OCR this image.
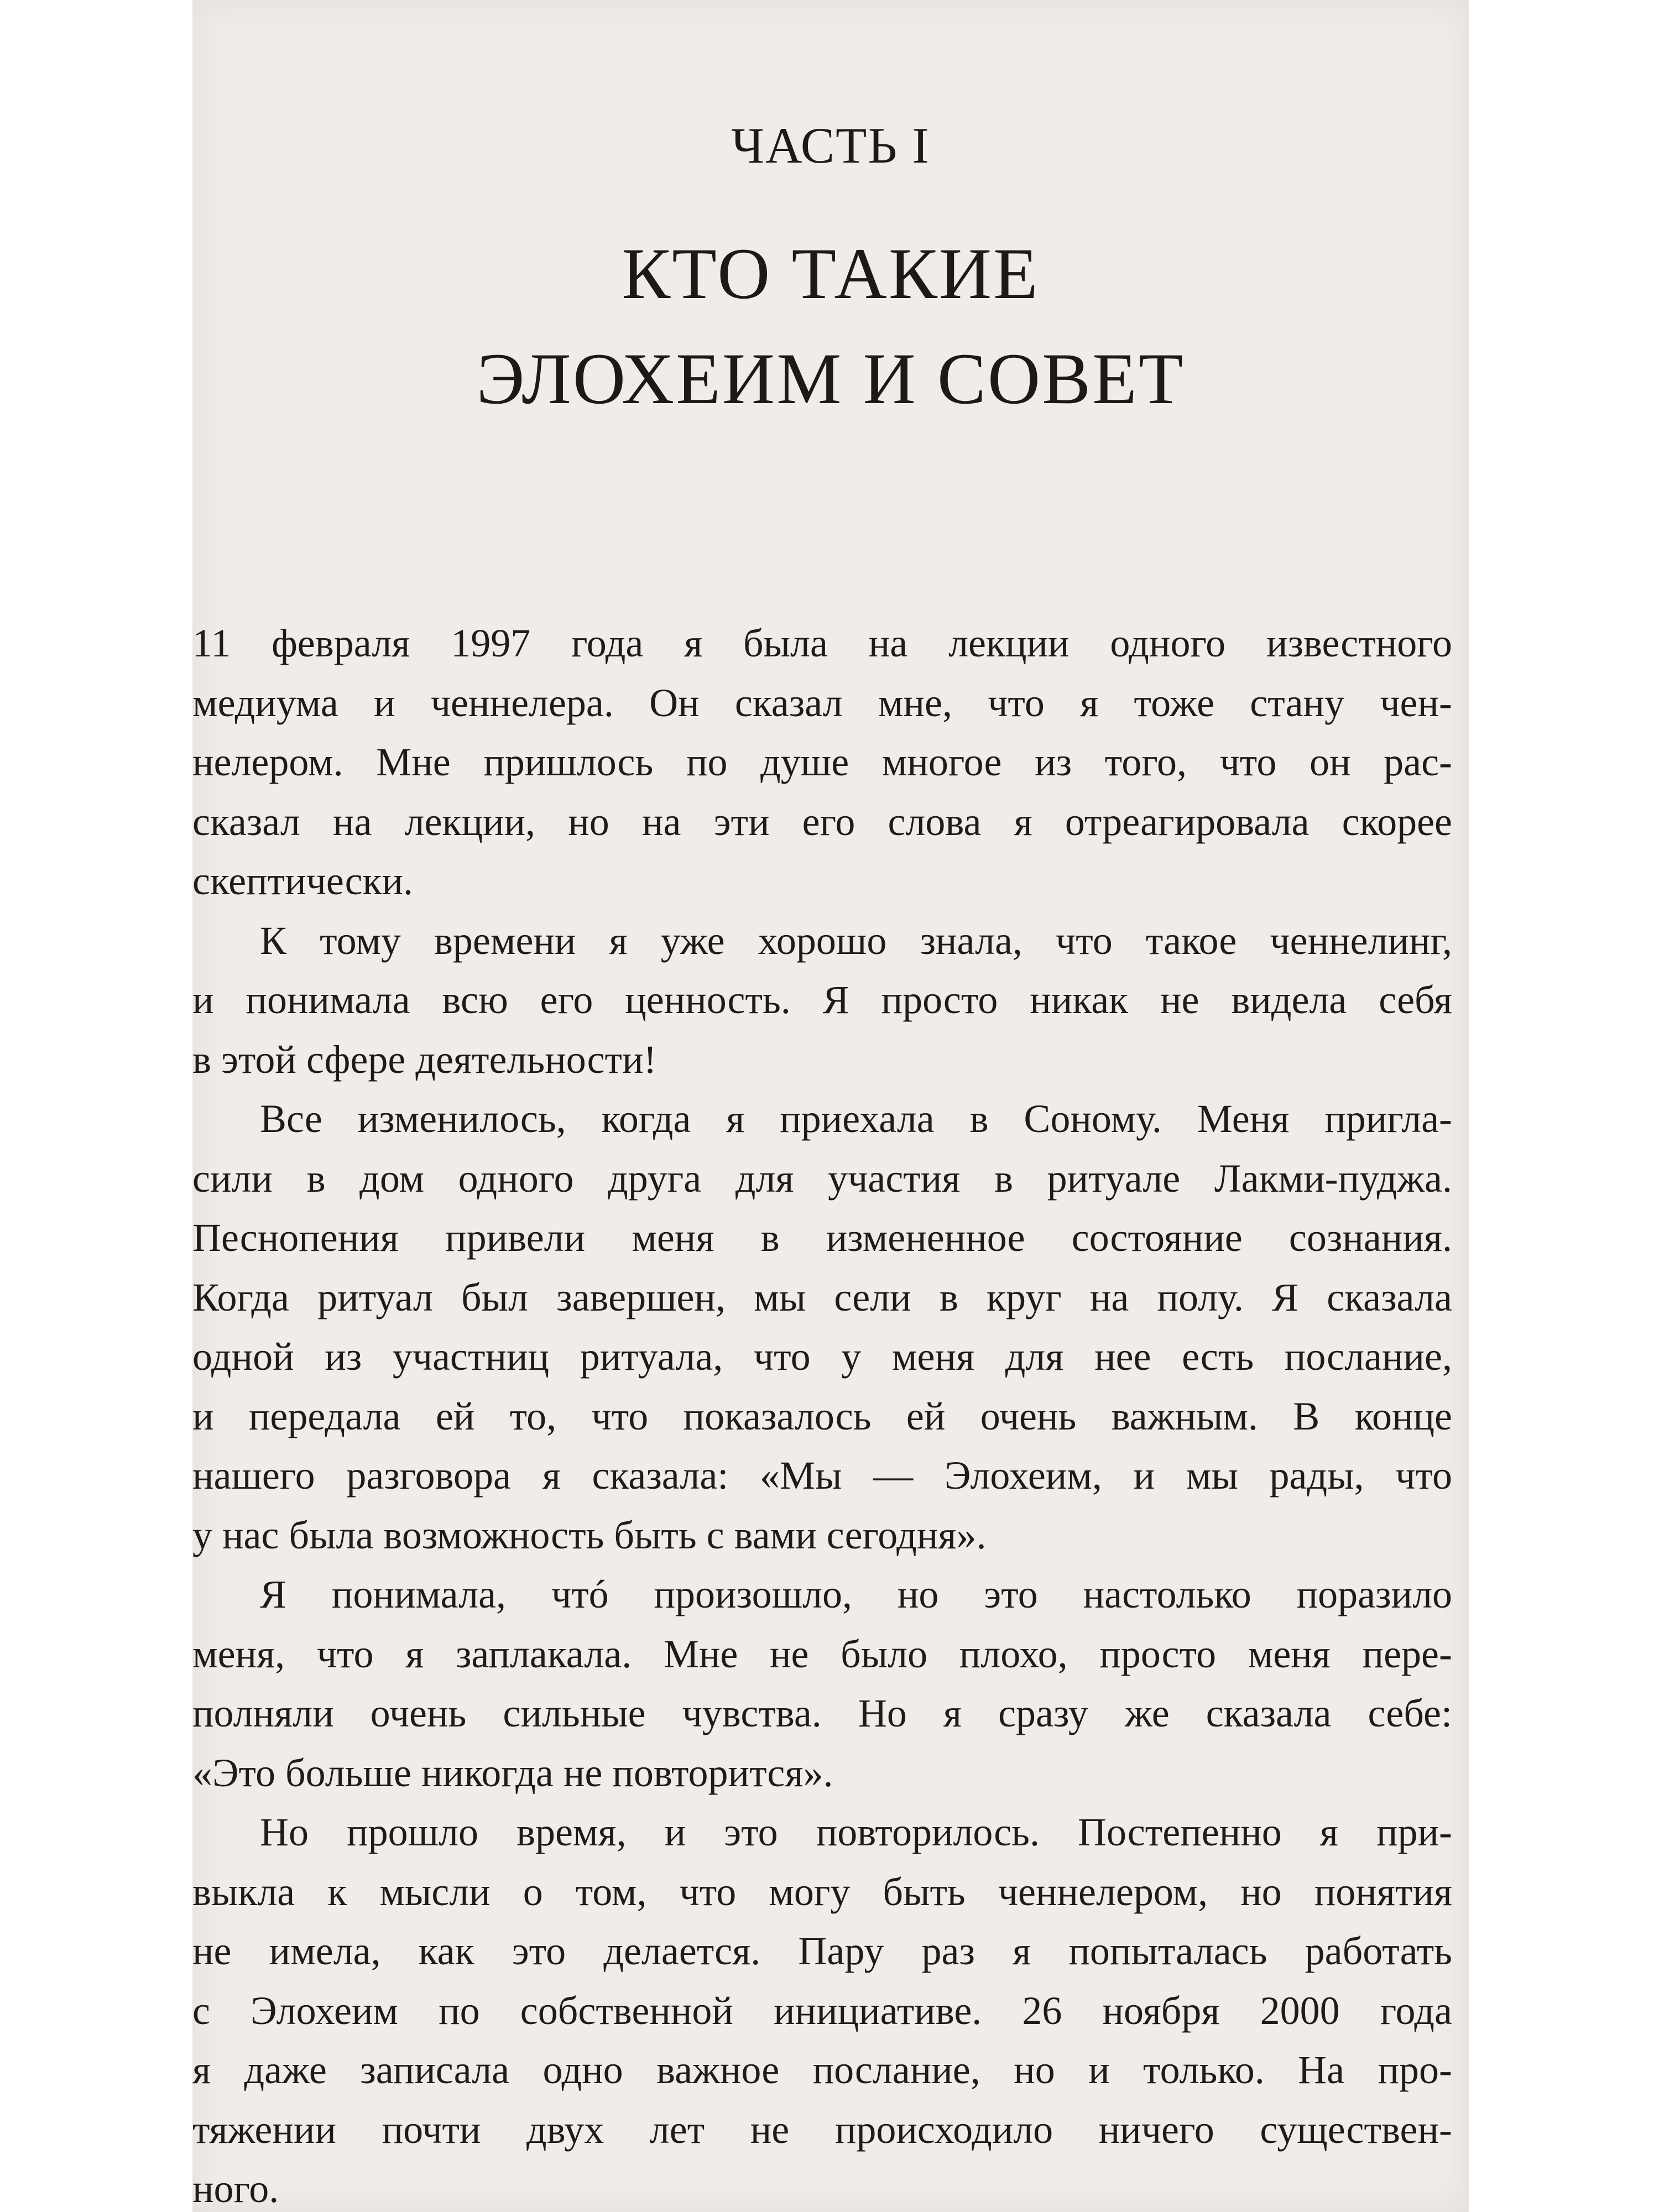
ЧАСТЬ I
КТО ТАКИЕ
ЭЛОХЕИМ И СОВЕТ
11 февраля 1997 года я была на лекции одного известного
медиума и ченнелера. Он сказал мне, что я тоже стану чен-
нелером. Мне пришлось по душе многое из того, что он рас-
сказал на лекции, но на эти его слова я отреагировала скорее
скептически.
К тому времени я уже хорошо знала, что такое ченнелинг,
и понимала всю его ценность. Я просто никак не видела себя
в этой сфере деятельности!
Все изменилось, когда я приехала в Соному. Меня пригла-
сили в дом одного друга для участия в ритуале Лакми-пуджа.
Песнопения привели меня в измененное состояние сознания.
Когда ритуал был завершен, мы сели в круг на полу. Я сказала
одной из участниц ритуала, что у меня для нее есть послание,
и передала ей то, что показалось ей очень важным. В конце
нашего разговора я сказала: «Мы — Элохеим, и мы рады, что
у нас была возможность быть с вами сегодня».
Я понимала, чтó произошло, но это настолько поразило
меня, что я заплакала. Мне не было плохо, просто меня пере-
полняли очень сильные чувства. Но я сразу же сказала себе:
«Это больше никогда не повторится».
Но прошло время, и это повторилось. Постепенно я при-
выкла к мысли о том, что могу быть ченнелером, но понятия
не имела, как это делается. Пару раз я попыталась работать
с Элохеим по собственной инициативе. 26 ноября 2000 года
я даже записала одно важное послание, но и только. На про-
тяжении почти двух лет не происходило ничего существен-
ного.
